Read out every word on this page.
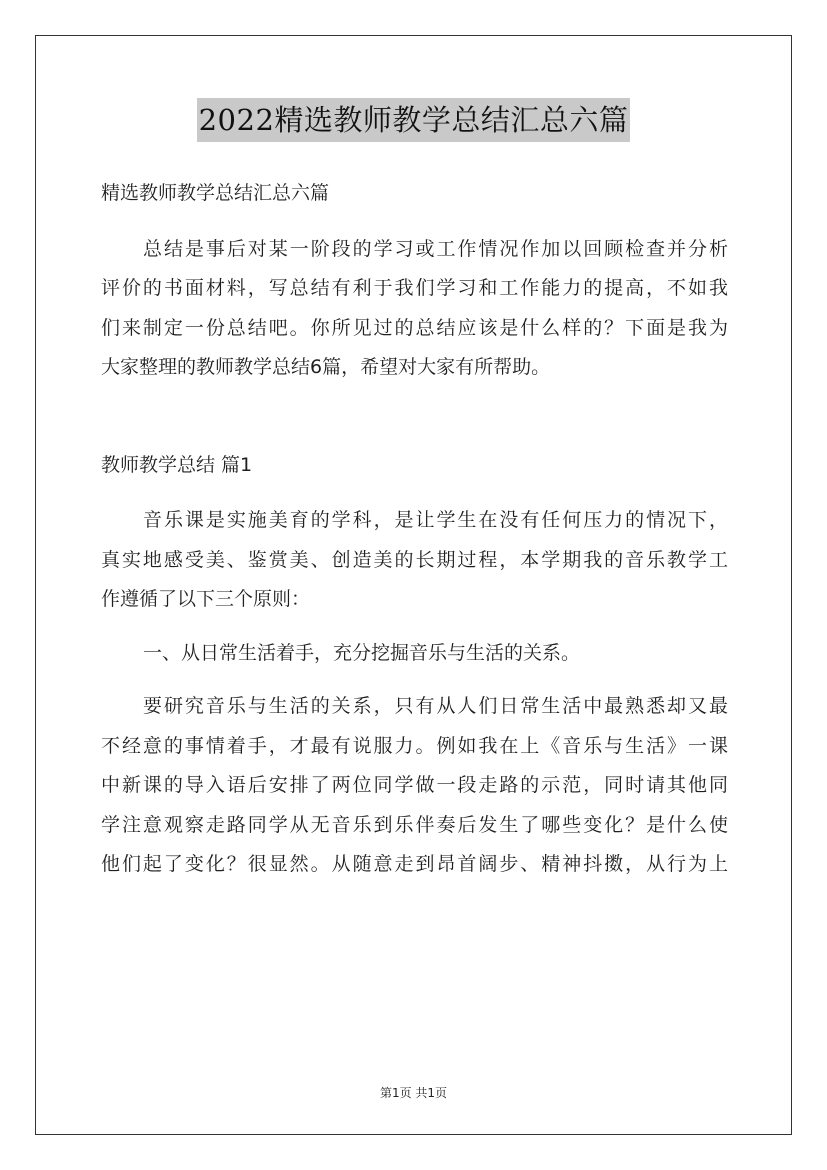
2022精选教师教学总结汇总六篇
精选教师教学总结汇总六篇
总结是事后对某一阶段的学习或工作情况作加以回顾检查并分析
评价的书面材料，写总结有利于我们学习和工作能力的提高，不如我
们来制定一份总结吧。你所见过的总结应该是什么样的？下面是我为
大家整理的教师教学总结6篇，希望对大家有所帮助。
教师教学总结 篇1
音乐课是实施美育的学科，是让学生在没有任何压力的情况下，
真实地感受美、鉴赏美、创造美的长期过程，本学期我的音乐教学工
作遵循了以下三个原则：
一、从日常生活着手，充分挖掘音乐与生活的关系。
要研究音乐与生活的关系，只有从人们日常生活中最熟悉却又最
不经意的事情着手，才最有说服力。例如我在上《音乐与生活》一课
中新课的导入语后安排了两位同学做一段走路的示范，同时请其他同
学注意观察走路同学从无音乐到乐伴奏后发生了哪些变化？是什么使
他们起了变化？很显然。从随意走到昂首阔步、精神抖擞，从行为上
第1页 共1页
